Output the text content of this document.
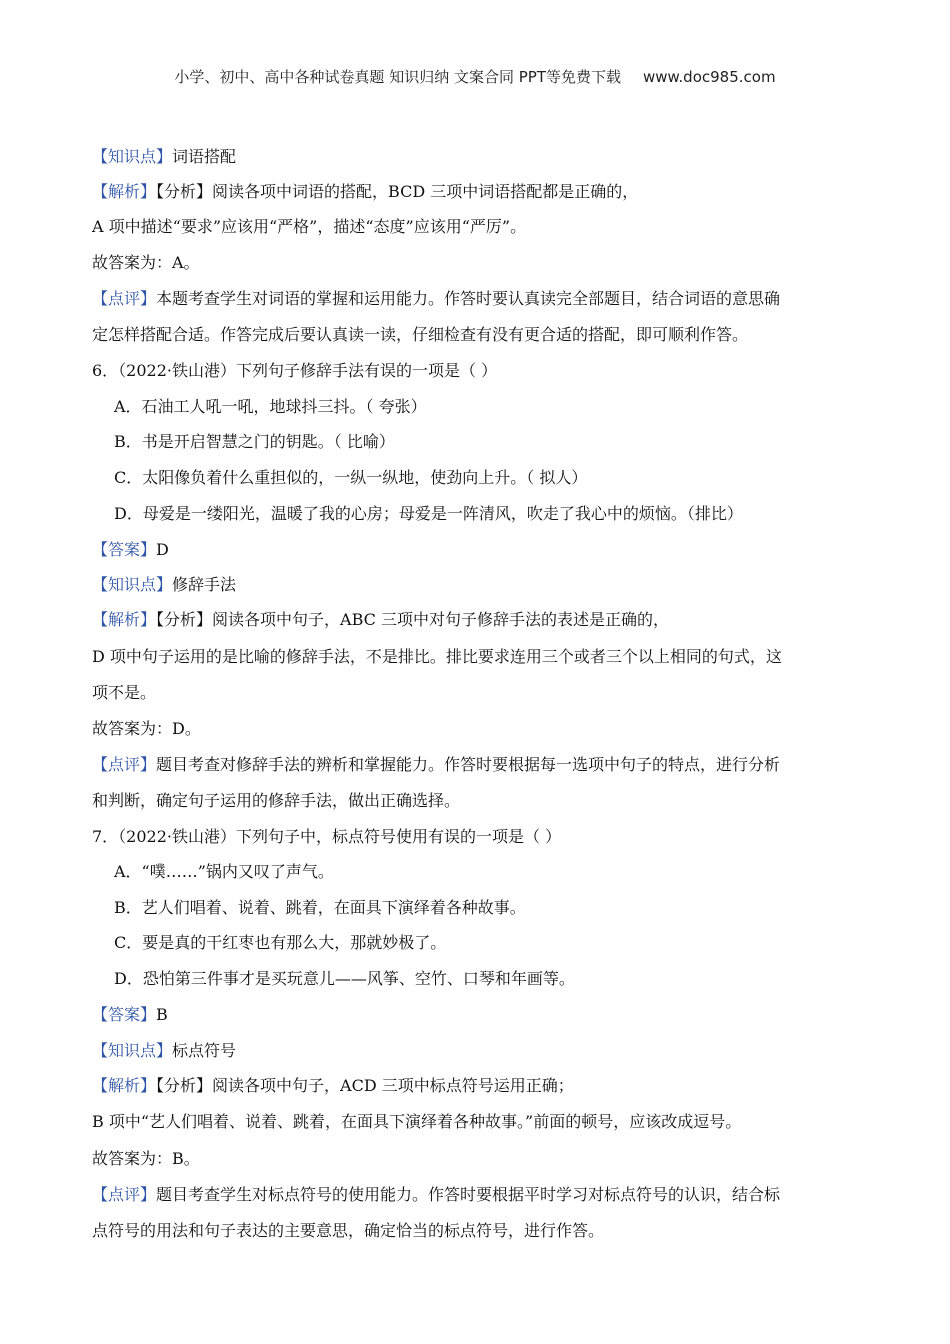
小学、初中、高中各种试卷真题 知识归纳 文案合同 PPT等免费下载 www.doc985.com
【知识点】词语搭配
【解析】【分析】阅读各项中词语的搭配，BCD 三项中词语搭配都是正确的，
A 项中描述“要求”应该用“严格”，描述“态度”应该用“严厉”。
故答案为：A。
【点评】本题考查学生对词语的掌握和运用能力。作答时要认真读完全部题目，结合词语的意思确
定怎样搭配合适。作答完成后要认真读一读，仔细检查有没有更合适的搭配，即可顺利作答。
6．（2022·铁山港）下列句子修辞手法有误的一项是（ ）
A．石油工人吼一吼，地球抖三抖。（ 夸张）
B．书是开启智慧之门的钥匙。（ 比喻）
C．太阳像负着什么重担似的，一纵一纵地，使劲向上升。（ 拟人）
D．母爱是一缕阳光，温暖了我的心房；母爱是一阵清风，吹走了我心中的烦恼。（排比）
【答案】D
【知识点】修辞手法
【解析】【分析】阅读各项中句子，ABC 三项中对句子修辞手法的表述是正确的，
D 项中句子运用的是比喻的修辞手法，不是排比。排比要求连用三个或者三个以上相同的句式，这
项不是。
故答案为：D。
【点评】题目考查对修辞手法的辨析和掌握能力。作答时要根据每一选项中句子的特点，进行分析
和判断，确定句子运用的修辞手法，做出正确选择。
7．（2022·铁山港）下列句子中，标点符号使用有误的一项是（ ）
A．“噗……”锅内又叹了声气。
B．艺人们唱着、说着、跳着，在面具下演绎着各种故事。
C．要是真的干红枣也有那么大，那就妙极了。
D．恐怕第三件事才是买玩意儿——风筝、空竹、口琴和年画等。
【答案】B
【知识点】标点符号
【解析】【分析】阅读各项中句子，ACD 三项中标点符号运用正确；
B 项中“艺人们唱着、说着、跳着，在面具下演绎着各种故事。”前面的顿号，应该改成逗号。
故答案为：B。
【点评】题目考查学生对标点符号的使用能力。作答时要根据平时学习对标点符号的认识，结合标
点符号的用法和句子表达的主要意思，确定恰当的标点符号，进行作答。
